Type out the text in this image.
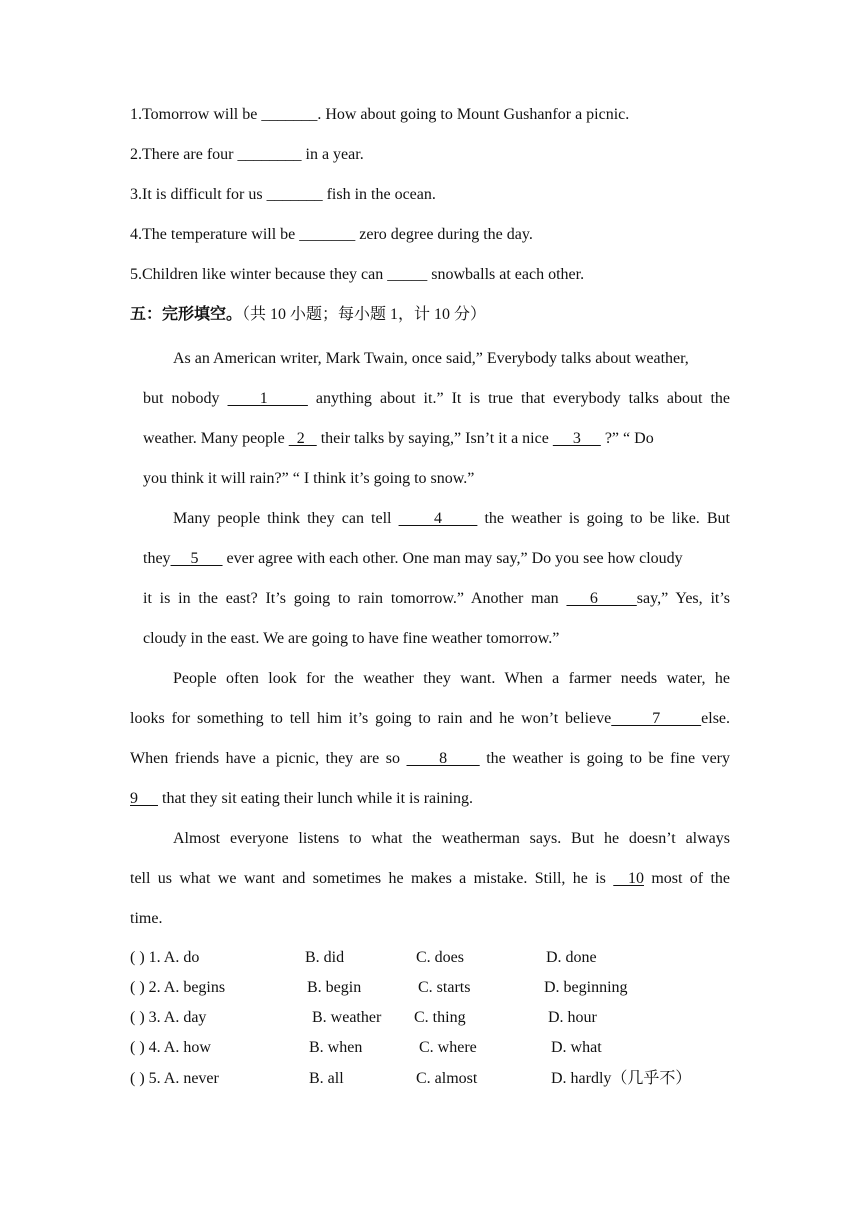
1.Tomorrow will be _______. How about going to Mount Gushanfor a picnic.
2.There are four ________ in a year.
3.It is difficult for us _______ fish in the ocean.
4.The temperature will be _______ zero degree during the day.
5.Children like winter because they can _____ snowballs at each other.
五：完形填空。（共 10 小题；每小题 1，计 10 分）
As an American writer, Mark Twain, once said,” Everybody talks about weather,
but nobody     1      anything about it.” It is true that everybody talks about the
weather. Many people   2    their talks by saying,” Isn’t it a nice      3      ?” “ Do
you think it will rain?” “ I think it’s going to snow.”
Many people think they can tell      4      the weather is going to be like. But
they     5       ever agree with each other. One man may say,” Do you see how cloudy
it is in the east? It’s going to rain tomorrow.” Another man    6     say,” Yes, it’s
cloudy in the east. We are going to have fine weather tomorrow.”
People often look for the weather they want. When a farmer needs water, he
looks for something to tell him it’s going to rain and he won’t believe      7      else.
When friends have a picnic, they are so      8      the weather is going to be fine very
9      that they sit eating their lunch while it is raining.
Almost everyone listens to what the weatherman says. But he doesn’t always
tell us what we want and sometimes he makes a mistake. Still, he is   10 most of the
time.
( ) 1. A. do	B. did	C. does	D. done
( ) 2. A. begins	B. begin	C. starts	D. beginning
( ) 3. A. day	B. weather C. thing	D. hour
( ) 4. A. how	B. when	C. where	D. what
( ) 5. A. never	B. all	C. almost	D. hardly（几乎不）
